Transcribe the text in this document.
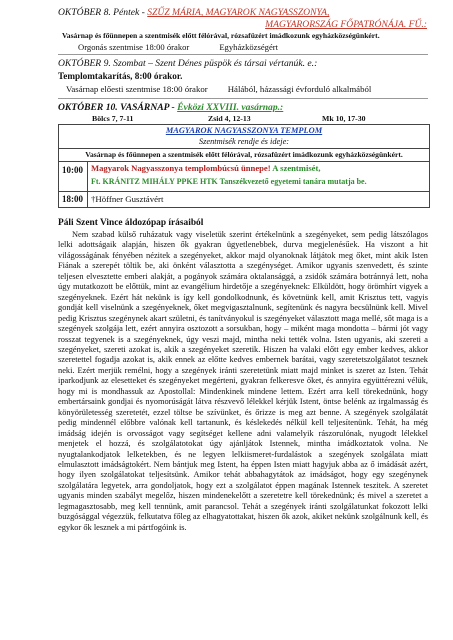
OKTÓBER 8. Péntek - SZŰZ MÁRIA, MAGYAROK NAGYASSZONYA,
MAGYARORSZÁG FŐPATRÓNÁJA. FŰ.:
Vasárnap és főünnepen a szentmisék előtt félórával, rózsafüzért imádkozunk egyházközségünkért.
Orgonás szentmise 18:00 órakor	Egyházközségért
OKTÓBER 9. Szombat – Szent Dénes püspök és társai vértanúk. e.:
Templomtakarítás, 8:00 órakor.
Vasárnap előesti szentmise 18:00 órakor Hálából, házassági évforduló alkalmából
OKTÓBER 10. VASÁRNAP - Évközi XXVIII. vasárnap.:
Bölcs 7, 7-11	Zsid 4, 12-13	Mk 10, 17-30
MAGYAROK NAGYASSZONYA TEMPLOM
Szentmisék rendje és ideje:
Vasárnap és főünnepen a szentmisék előtt félórával, rózsafüzért imádkozunk egyházközségünkért.
10:00 Magyarok Nagyasszonya templombúcsú ünnepe! A szentmisét,
Ft. KRÁNITZ MIHÁLY PPKE HTK Tanszékvezető egyetemi tanára mutatja be.
18:00 †Höffner Gusztávért
Páli Szent Vince áldozópap írásaiból
Nem szabad külső ruházatuk vagy viseletük szerint értékelnünk a szegényeket, sem pedig látszólagos lelki adottságaik alapján, hiszen ők gyakran ügyetlenebbek, durva megjelenésűek. Ha viszont a hit világosságának fényében nézitek a szegényeket, akkor majd olyanoknak látjátok meg őket, mint akik Isten Fiának a szerepét töltik be, aki önként választotta a szegénységet. Amikor ugyanis szenvedett, és szinte teljesen elvesztette emberi alakját, a pogányok számára oktalansággá, a zsidók számára botránnyá lett, noha úgy mutatkozott be előttük, mint az evangélium hirdetője a szegényeknek: Elküldött, hogy örömhírt vigyek a szegényeknek. Ezért hát nekünk is így kell gondolkodnunk, és követnünk kell, amit Krisztus tett, vagyis gondját kell viselnünk a szegényeknek, őket megvigasztalnunk, segítenünk és nagyra becsülnünk kell. Mivel pedig Krisztus szegénynek akart születni, és tanítványokul is szegényeket választott maga mellé, sőt maga is a szegények szolgája lett, ezért annyira osztozott a sorsukban, hogy – miként maga mondotta – bármi jót vagy rosszat tegyenek is a szegényeknek, úgy veszi majd, mintha neki tették volna. Isten ugyanis, aki szereti a szegényeket, szereti azokat is, akik a szegényeket szeretik. Hiszen ha valaki előtt egy ember kedves, akkor szeretettel fogadja azokat is, akik ennek az előtte kedves embernek barátai, vagy szeretetszolgálatot tesznek neki. Ezért merjük remélni, hogy a szegények iránti szeretetünk miatt majd minket is szeret az Isten. Tehát iparkodjunk az elesetteket és szegényeket megérteni, gyakran felkeresve őket, és annyira együttérezni vélük, hogy mi is mondhassuk az Apostollal: Mindenkinek mindene lettem. Ezért arra kell törekednünk, hogy embertársaink gondjai és nyomorúságát látva részvevő lélekkel kérjük Istent, öntse belénk az irgalmasság és könyörületesség szeretetét, ezzel töltse be szívünket, és őrizze is meg azt benne. A szegények szolgálatát pedig mindennél előbbre valónak kell tartanunk, és késlekedés nélkül kell teljesítenünk. Tehát, ha még imádság idején is orvosságot vagy segítséget kellene adni valamelyik rászorulónak, nyugodt lélekkel menjetek el hozzá, és szolgálatotokat úgy ajánljátok Istennek, mintha imádkoztatok volna. Ne nyugtalankodjatok lelketekben, és ne legyen lelkiismeret-furdalástok a szegények szolgálata miatt elmulasztott imádságtokért. Nem bántjuk meg Istent, ha éppen Isten miatt hagyjuk abba az ő imádását azért, hogy ilyen szolgálatokat teljesítsünk. Amikor tehát abbahagytátok az imádságot, hogy egy szegénynek szolgálatára legyetek, arra gondoljatok, hogy ezt a szolgálatot éppen magának Istennek teszitek. A szeretet ugyanis minden szabályt megelőz, hiszen mindenekelőtt a szeretetre kell törekednünk; és mivel a szeretet a legmagasztosabb, meg kell tennünk, amit parancsol. Tehát a szegények iránti szolgálatunkat fokozott lelki buzgósággal végezzük, felkutatva főleg az elhagyatottakat, hiszen ők azok, akiket nekünk szolgálnunk kell, és egykor ők lesznek a mi pártfogóink is.
